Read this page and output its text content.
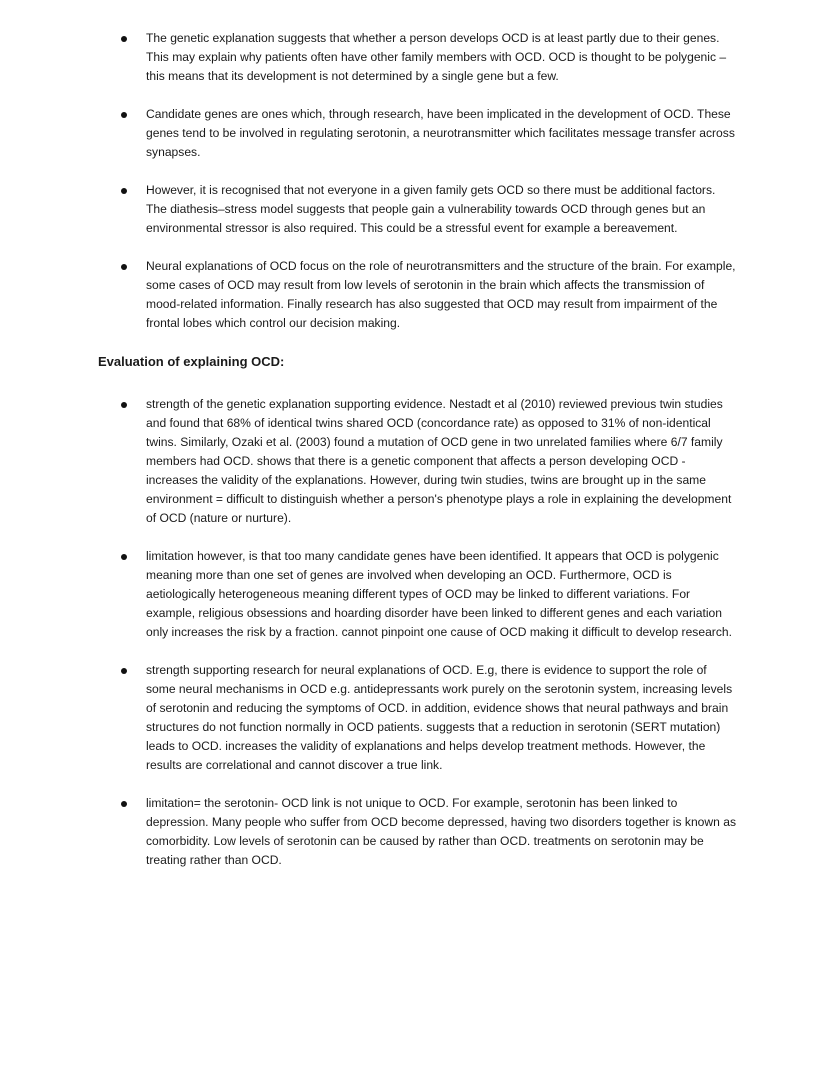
The genetic explanation suggests that whether a person develops OCD is at least partly due to their genes. This may explain why patients often have other family members with OCD. OCD is thought to be polygenic – this means that its development is not determined by a single gene but a few.
Candidate genes are ones which, through research, have been implicated in the development of OCD. These genes tend to be involved in regulating serotonin, a neurotransmitter which facilitates message transfer across synapses.
However, it is recognised that not everyone in a given family gets OCD so there must be additional factors. The diathesis–stress model suggests that people gain a vulnerability towards OCD through genes but an environmental stressor is also required. This could be a stressful event for example a bereavement.
Neural explanations of OCD focus on the role of neurotransmitters and the structure of the brain. For example, some cases of OCD may result from low levels of serotonin in the brain which affects the transmission of mood-related information. Finally research has also suggested that OCD may result from impairment of the frontal lobes which control our decision making.
Evaluation of explaining OCD:
strength of the genetic explanation supporting evidence. Nestadt et al (2010) reviewed previous twin studies and found that 68% of identical twins shared OCD (concordance rate) as opposed to 31% of non-identical twins. Similarly, Ozaki et al. (2003) found a mutation of OCD gene in two unrelated families where 6/7 family members had OCD. shows that there is a genetic component that affects a person developing OCD - increases the validity of the explanations. However, during twin studies, twins are brought up in the same environment = difficult to distinguish whether a person's phenotype plays a role in explaining the development of OCD (nature or nurture).
limitation however, is that too many candidate genes have been identified. It appears that OCD is polygenic meaning more than one set of genes are involved when developing an OCD. Furthermore, OCD is aetiologically heterogeneous meaning different types of OCD may be linked to different variations. For example, religious obsessions and hoarding disorder have been linked to different genes and each variation only increases the risk by a fraction. cannot pinpoint one cause of OCD making it difficult to develop research.
strength supporting research for neural explanations of OCD. E.g, there is evidence to support the role of some neural mechanisms in OCD e.g. antidepressants work purely on the serotonin system, increasing levels of serotonin and reducing the symptoms of OCD. in addition, evidence shows that neural pathways and brain structures do not function normally in OCD patients. suggests that a reduction in serotonin (SERT mutation) leads to OCD. increases the validity of explanations and helps develop treatment methods. However, the results are correlational and cannot discover a true link.
limitation= the serotonin- OCD link is not unique to OCD. For example, serotonin has been linked to depression. Many people who suffer from OCD become depressed, having two disorders together is known as comorbidity. Low levels of serotonin can be caused by rather than OCD. treatments on serotonin may be treating rather than OCD.
